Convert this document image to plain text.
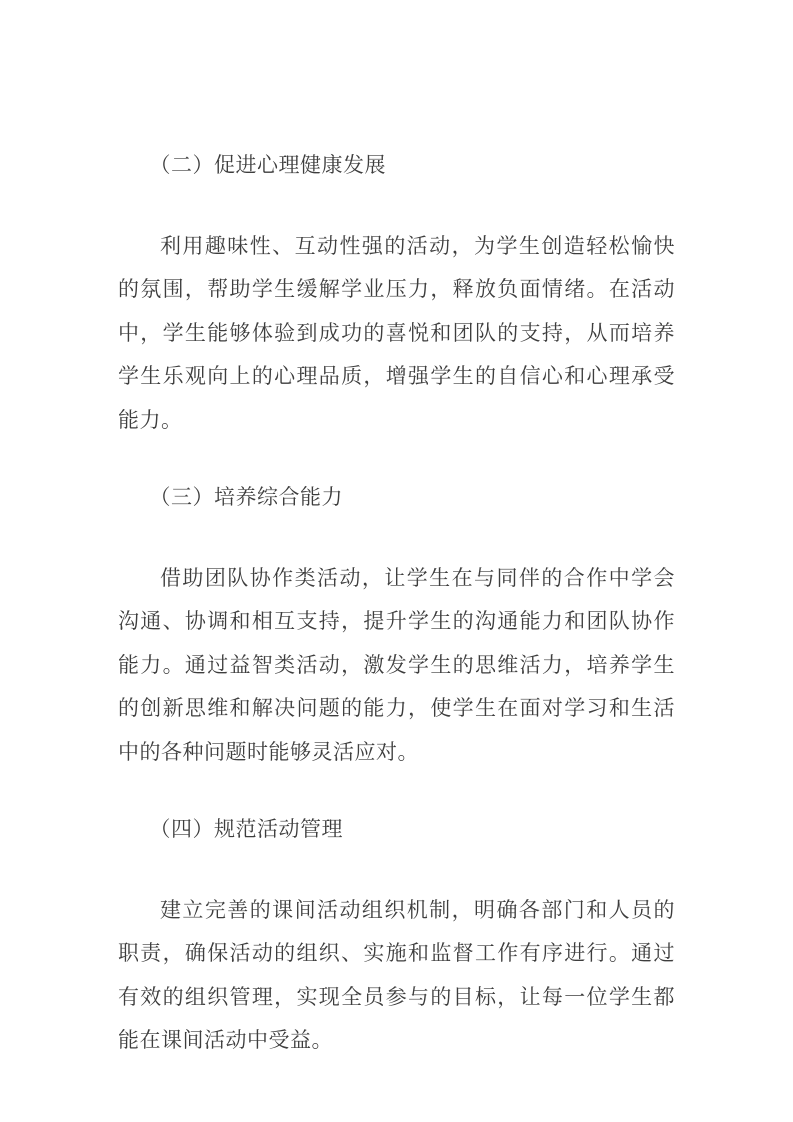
（二）促进心理健康发展

利用趣味性、互动性强的活动，为学生创造轻松愉快的氛围，帮助学生缓解学业压力，释放负面情绪。在活动中，学生能够体验到成功的喜悦和团队的支持，从而培养学生乐观向上的心理品质，增强学生的自信心和心理承受能力。

（三）培养综合能力

借助团队协作类活动，让学生在与同伴的合作中学会沟通、协调和相互支持，提升学生的沟通能力和团队协作能力。通过益智类活动，激发学生的思维活力，培养学生的创新思维和解决问题的能力，使学生在面对学习和生活中的各种问题时能够灵活应对。

（四）规范活动管理

建立完善的课间活动组织机制，明确各部门和人员的职责，确保活动的组织、实施和监督工作有序进行。通过有效的组织管理，实现全员参与的目标，让每一位学生都能在课间活动中受益。
